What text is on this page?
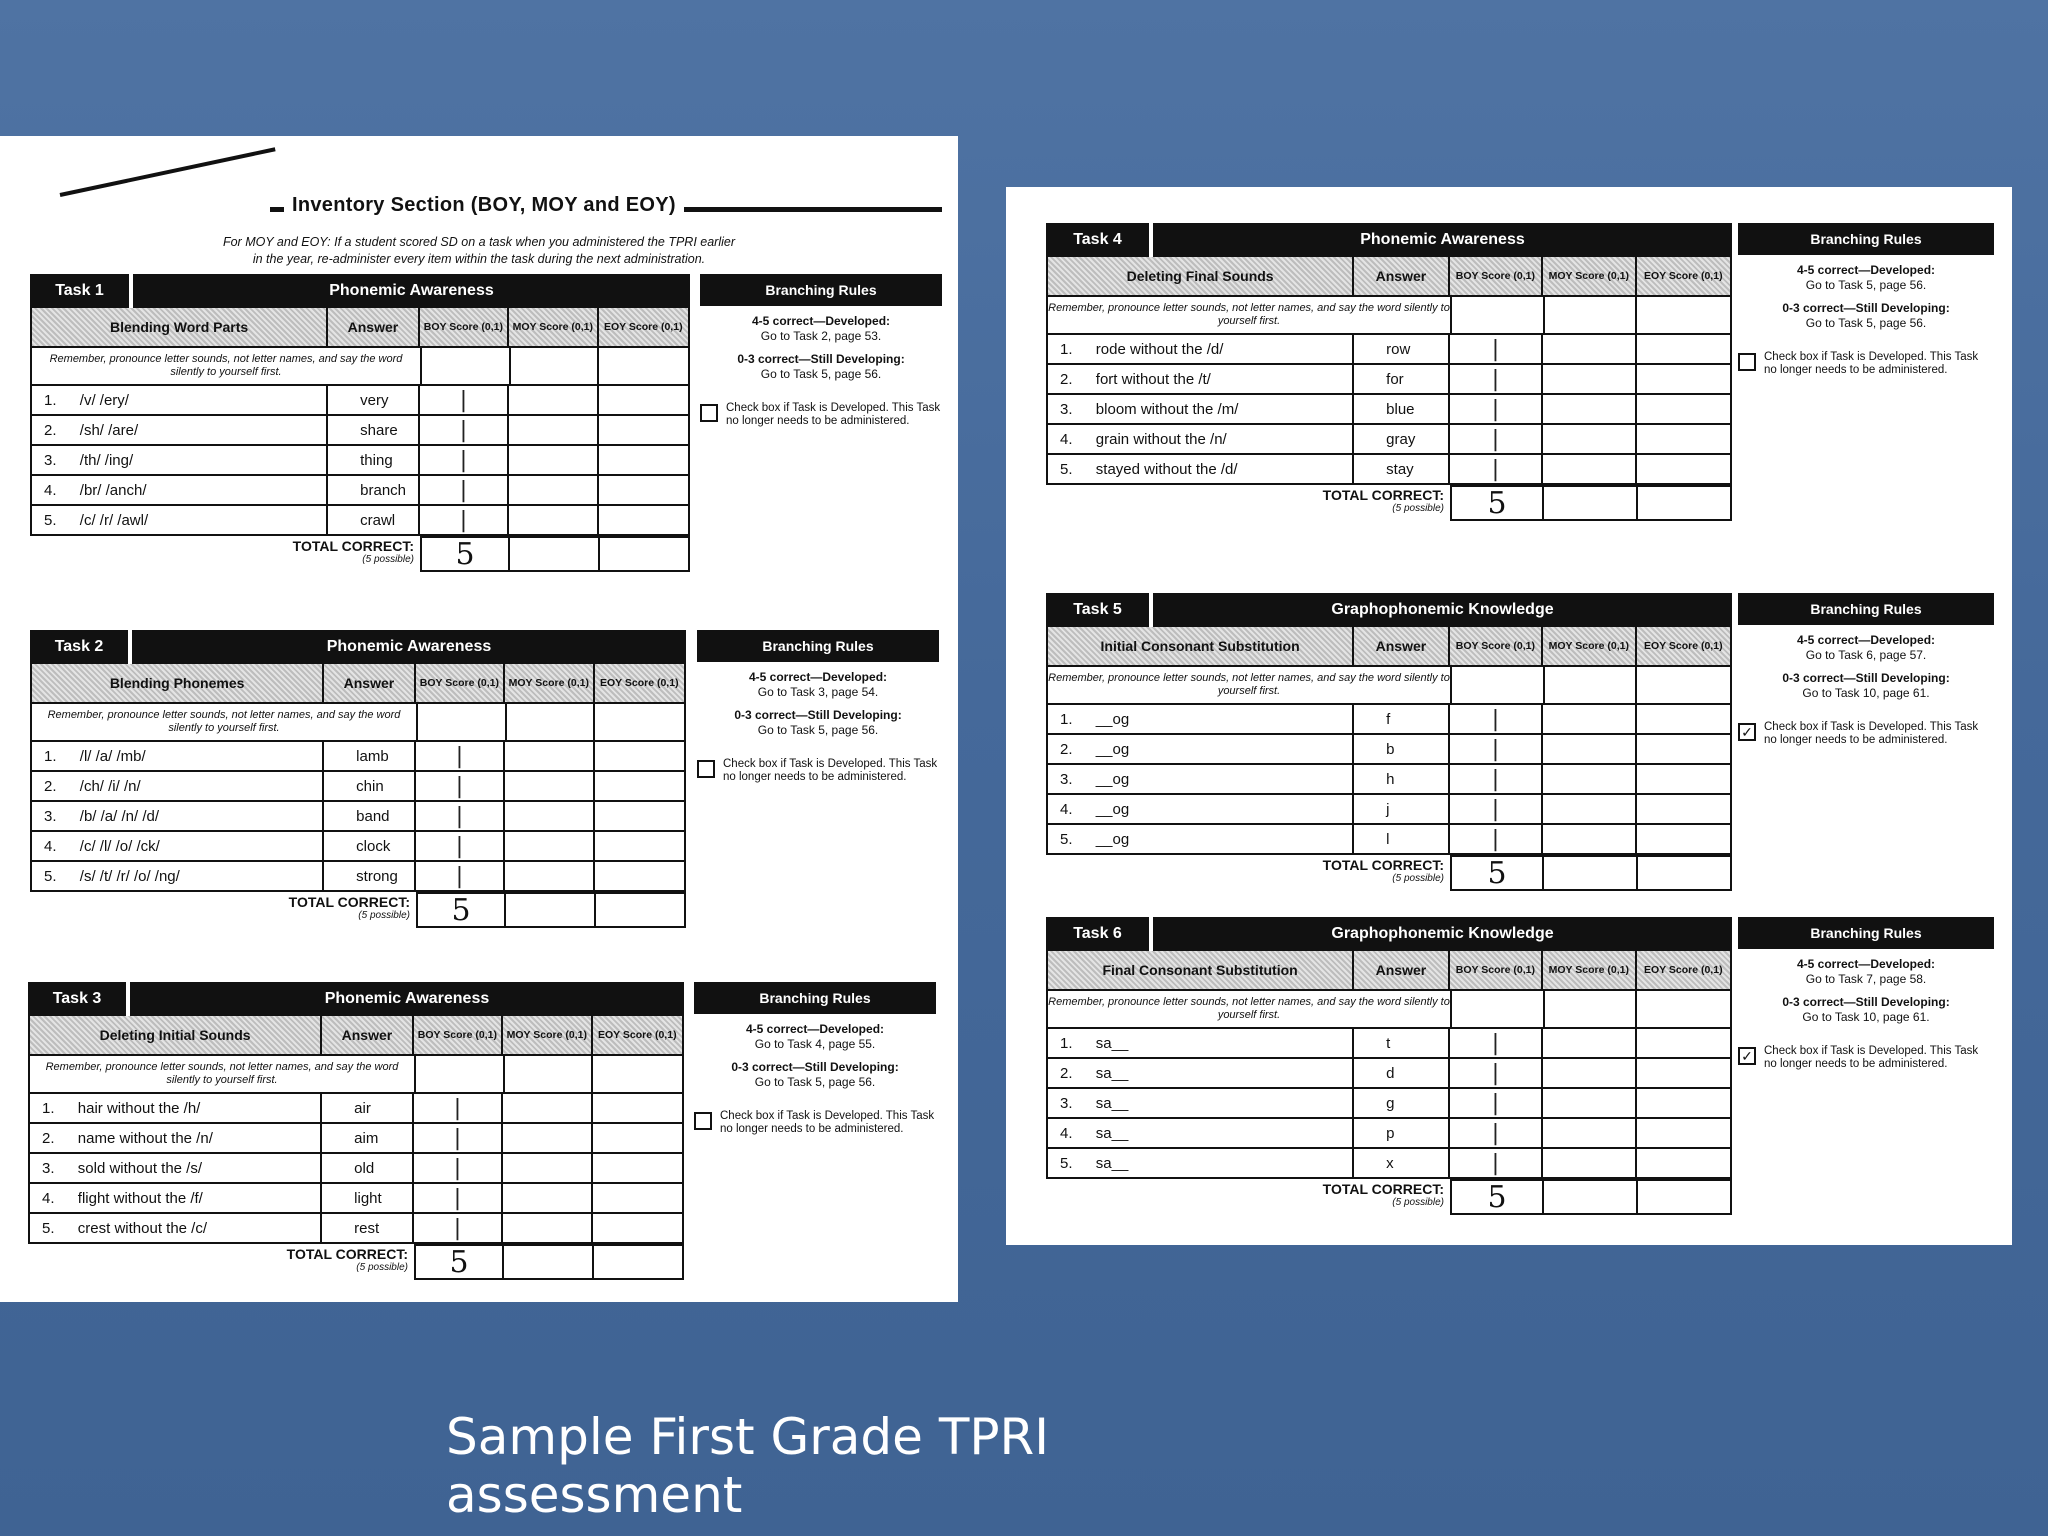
Inventory Section (BOY, MOY and EOY)
For MOY and EOY: If a student scored SD on a task when you administered the TPRI earlier
in the year, re-administer every item within the task during the next administration.
Task 1	Phonemic Awareness
Blending Word Parts	Answer	BOY Score (0,1) MOY Score (0,1)	EOY Score (0,1)
Remember, pronounce letter sounds, not letter names, and say the word silently to yourself first.
1.	/v/ /ery/	very	|
2.	/sh/ /are/	share	|
3.	/th/ /ing/	thing	|
4.	/br/ /anch/	branch	|
5.	/c/ /r/ /awl/	crawl	|
TOTAL CORRECT:
(5 possible)	5
Branching Rules
4-5 correct—Developed:
Go to Task 2, page 53.
0-3 correct—Still Developing:
Go to Task 5, page 56.
Check box if Task is Developed. This Task no longer needs to be administered.
Task 2	Phonemic Awareness
Blending Phonemes	Answer	BOY Score (0,1) MOY Score (0,1)	EOY Score (0,1)
Remember, pronounce letter sounds, not letter names, and say the word silently to yourself first.
1.	/l/ /a/ /mb/	lamb	|
2.	/ch/ /i/ /n/	chin	|
3.	/b/ /a/ /n/ /d/	band	|
4.	/c/ /l/ /o/ /ck/	clock	|
5.	/s/ /t/ /r/ /o/ /ng/	strong	|
TOTAL CORRECT:
(5 possible)	5
Branching Rules
4-5 correct—Developed:
Go to Task 3, page 54.
0-3 correct—Still Developing:
Go to Task 5, page 56.
Check box if Task is Developed. This Task no longer needs to be administered.
Task 3	Phonemic Awareness
Deleting Initial Sounds	Answer	BOY Score (0,1) MOY Score (0,1)	EOY Score (0,1)
Remember, pronounce letter sounds, not letter names, and say the word silently to yourself first.
1.	hair without the /h/	air	|
2.	name without the /n/	aim	|
3.	sold without the /s/	old	|
4.	flight without the /f/	light	|
5.	crest without the /c/	rest	|
TOTAL CORRECT:
(5 possible)	5
Branching Rules
4-5 correct—Developed:
Go to Task 4, page 55.
0-3 correct—Still Developing:
Go to Task 5, page 56.
Check box if Task is Developed. This Task no longer needs to be administered.
Task 4	Phonemic Awareness
Deleting Final Sounds	Answer	BOY Score (0,1)	MOY Score (0,1)	EOY Score (0,1)
Remember, pronounce letter sounds, not letter names, and say the word silently to yourself first.
1.	rode without the /d/	row	|
2.	fort without the /t/	for	|
3.	bloom without the /m/	blue	|
4.	grain without the /n/	gray	|
5.	stayed without the /d/	stay	|
TOTAL CORRECT:
(5 possible)	5
Branching Rules
4-5 correct—Developed:
Go to Task 5, page 56.
0-3 correct—Still Developing:
Go to Task 5, page 56.
Check box if Task is Developed. This Task no longer needs to be administered.
Task 5	Graphophonemic Knowledge
Initial Consonant Substitution	Answer	BOY Score (0,1)	MOY Score (0,1)	EOY Score (0,1)
Remember, pronounce letter sounds, not letter names, and say the word silently to yourself first.
1.	__og	f	|
2.	__og	b	|
3.	__og	h	|
4.	__og	j	|
5.	__og	l	|
TOTAL CORRECT:
(5 possible)	5
Branching Rules
4-5 correct—Developed:
Go to Task 6, page 57.
0-3 correct—Still Developing:
Go to Task 10, page 61.
✓ Check box if Task is Developed. This Task no longer needs to be administered.
Task 6	Graphophonemic Knowledge
Final Consonant Substitution	Answer	BOY Score (0,1)	MOY Score (0,1)	EOY Score (0,1)
Remember, pronounce letter sounds, not letter names, and say the word silently to yourself first.
1.	sa__	t	|
2.	sa__	d	|
3.	sa__	g	|
4.	sa__	p	|
5.	sa__	x	|
TOTAL CORRECT:
(5 possible)	5
Branching Rules
4-5 correct—Developed:
Go to Task 7, page 58.
0-3 correct—Still Developing:
Go to Task 10, page 61.
✓ Check box if Task is Developed. This Task no longer needs to be administered.
Sample First Grade TPRI assessment
